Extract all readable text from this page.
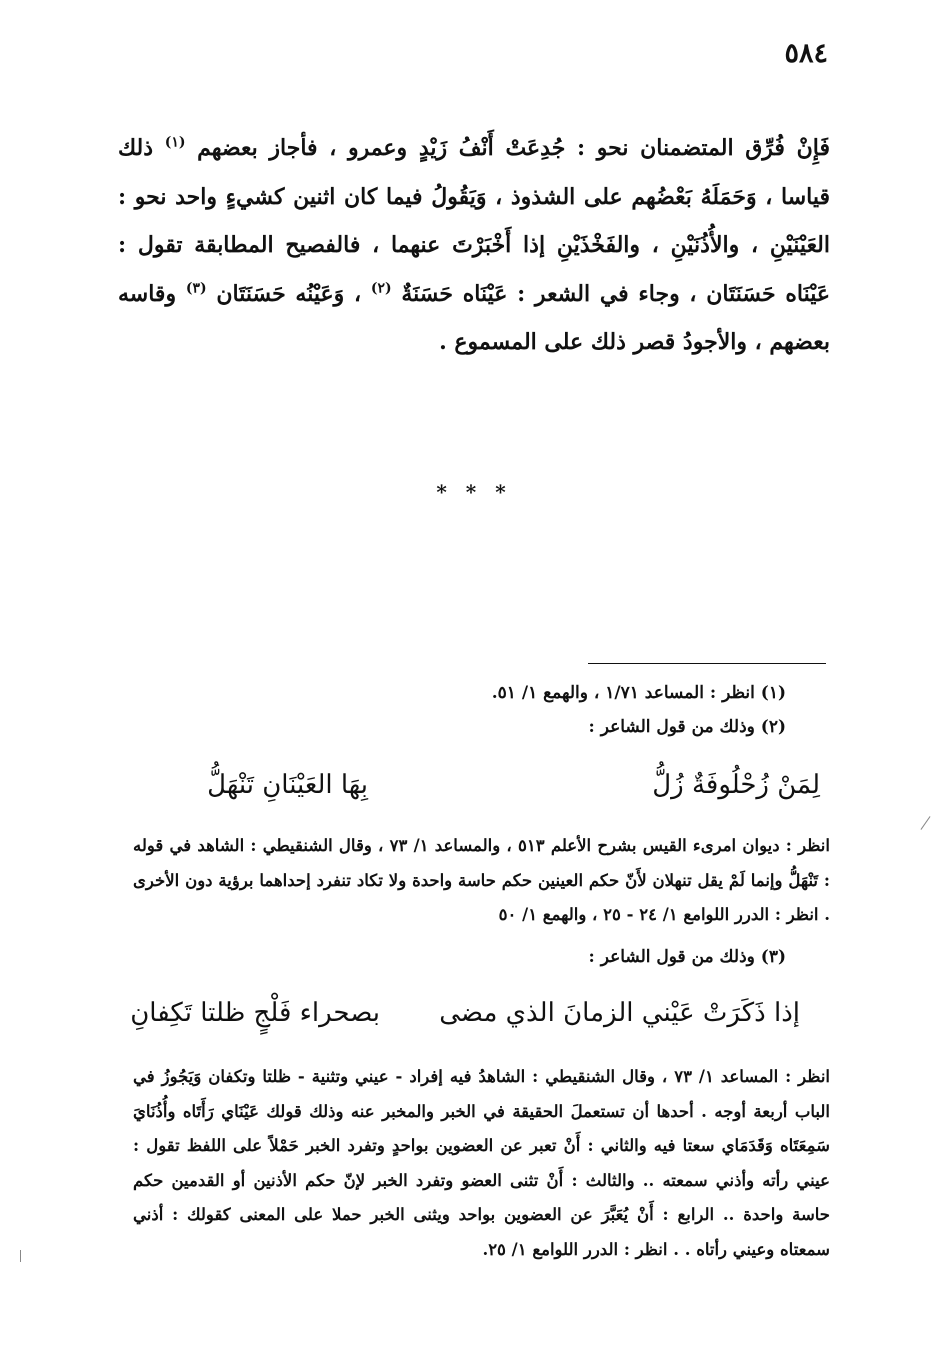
٥٨٤

فَإِنْ فُرِّق المتضمنان نحو : جُدِعَتْ أَنْفُ زَيْدٍ وعمرو ، فأجاز بعضهم $^{(١)}$ ذلك قياسا ، وَحَمَلَهُ بَعْضُهم على الشذوذ ، وَيَقُولُ فيما كان اثنين كشيءٍ واحد نحو : العَيْنَيْنِ ، والأُذُنَيْنِ ، والفَخْذَيْنِ إذا أَخْبَرْتَ عنهما ، فالفصيح المطابقة تقول : عَيْنَاه حَسَنَتَان ، وجاء في الشعر : عَيْنَاه حَسَنَةٌ $^{(٢)}$ ، وَعَيْنُه حَسَنَتَان $^{(٣)}$ وقاسه بعضهم ، والأجودُ قصر ذلك على المسموع .

* * *
(١) انظر : المساعد ١/٧١ ، والهمع ١/ ٥١.
(٢) وذلك من قول الشاعر :
لِمَنْ زُحْلُوفَةٌ زُلُّ
بِهَا العَيْنَانِ تَنْهَلُّ
انظر : ديوان امرىء القيس بشرح الأعلم ٥١٣ ، والمساعد ١/ ٧٣ ، وقال الشنقيطي : الشاهد في قوله : تَنْهَلُّ وإنما لَمْ يقل تنهلان لأَنّ حكم العينين حكم حاسة واحدة ولا تكاد تنفرد إحداهما برؤية دون الأخرى . انظر : الدرر اللوامع ١/ ٢٤ - ٢٥ ، والهمع ١/ ٥٠
(٣) وذلك من قول الشاعر :
إذا ذَكَرَتْ عَيْني الزمانَ الذي مضى
بصحراء فَلْجٍ ظلتا تَكِفانِ
انظر : المساعد ١/ ٧٣ ، وقال الشنقيطي : الشاهدُ فيه إفراد - عيني وتثنية - ظلتا وتكفان وَيَجُوزُ في الباب أربعة أوجه . أحدها أن تستعملَ الحقيقة في الخبر والمخبر عنه وذلك قولك عَيْنَاي رَأَتَاه وأُذُنَايَ سَمِعَتَاه وَقَدَمَاي سعتا فيه والثاني : أَنْ تعبر عن العضوين بواحدٍ وتفرد الخبر حَمْلاً على اللفظ تقول : عيني رأته وأذني سمعته .. والثالث : أَنْ تثنى العضو وتفرد الخبر لإنّ حكم الأذنين أو القدمين حكم حاسة واحدة .. الرابع : أَنْ يُعَبَّرَ عن العضوين بواحد ويثنى الخبر حملا على المعنى كقولك : أذني سمعتاه وعيني رأتاه . . انظر : الدرر اللوامع ١/ ٢٥.
